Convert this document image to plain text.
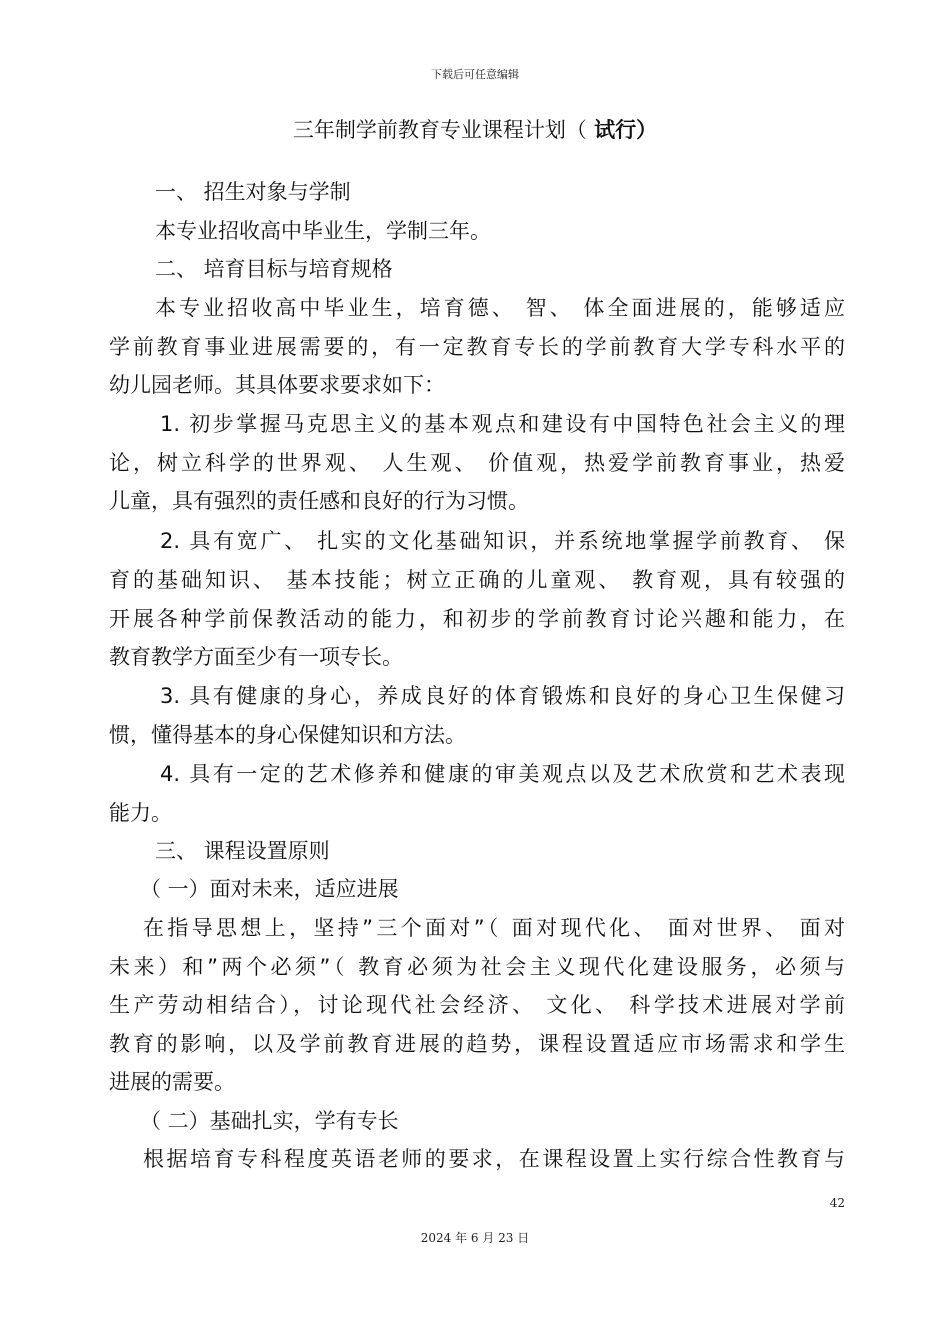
下载后可任意编辑
三年制学前教育专业课程计划（ 试行）
一、 招生对象与学制
本专业招收高中毕业生，学制三年。
二、 培育目标与培育规格
本专业招收高中毕业生，培育德、 智、 体全面进展的，能够适应
学前教育事业进展需要的，有一定教育专长的学前教育大学专科水平的
幼儿园老师。其具体要求要求如下：
1. 初步掌握马克思主义的基本观点和建设有中国特色社会主义的理
论，树立科学的世界观、 人生观、 价值观，热爱学前教育事业，热爱
儿童，具有强烈的责任感和良好的行为习惯。
2. 具有宽广、 扎实的文化基础知识，并系统地掌握学前教育、 保
育的基础知识、 基本技能；树立正确的儿童观、 教育观，具有较强的
开展各种学前保教活动的能力，和初步的学前教育讨论兴趣和能力，在
教育教学方面至少有一项专长。
3. 具有健康的身心，养成良好的体育锻炼和良好的身心卫生保健习
惯，懂得基本的身心保健知识和方法。
4. 具有一定的艺术修养和健康的审美观点以及艺术欣赏和艺术表现
能力。
三、 课程设置原则
（ 一）面对未来，适应进展
在指导思想上，坚持”三个面对”（ 面对现代化、 面对世界、 面对
未来）和”两个必须”（ 教育必须为社会主义现代化建设服务，必须与
生产劳动相结合），讨论现代社会经济、 文化、 科学技术进展对学前
教育的影响，以及学前教育进展的趋势，课程设置适应市场需求和学生
进展的需要。
（ 二）基础扎实，学有专长
根据培育专科程度英语老师的要求，在课程设置上实行综合性教育与
42
2024 年 6 月 23 日
